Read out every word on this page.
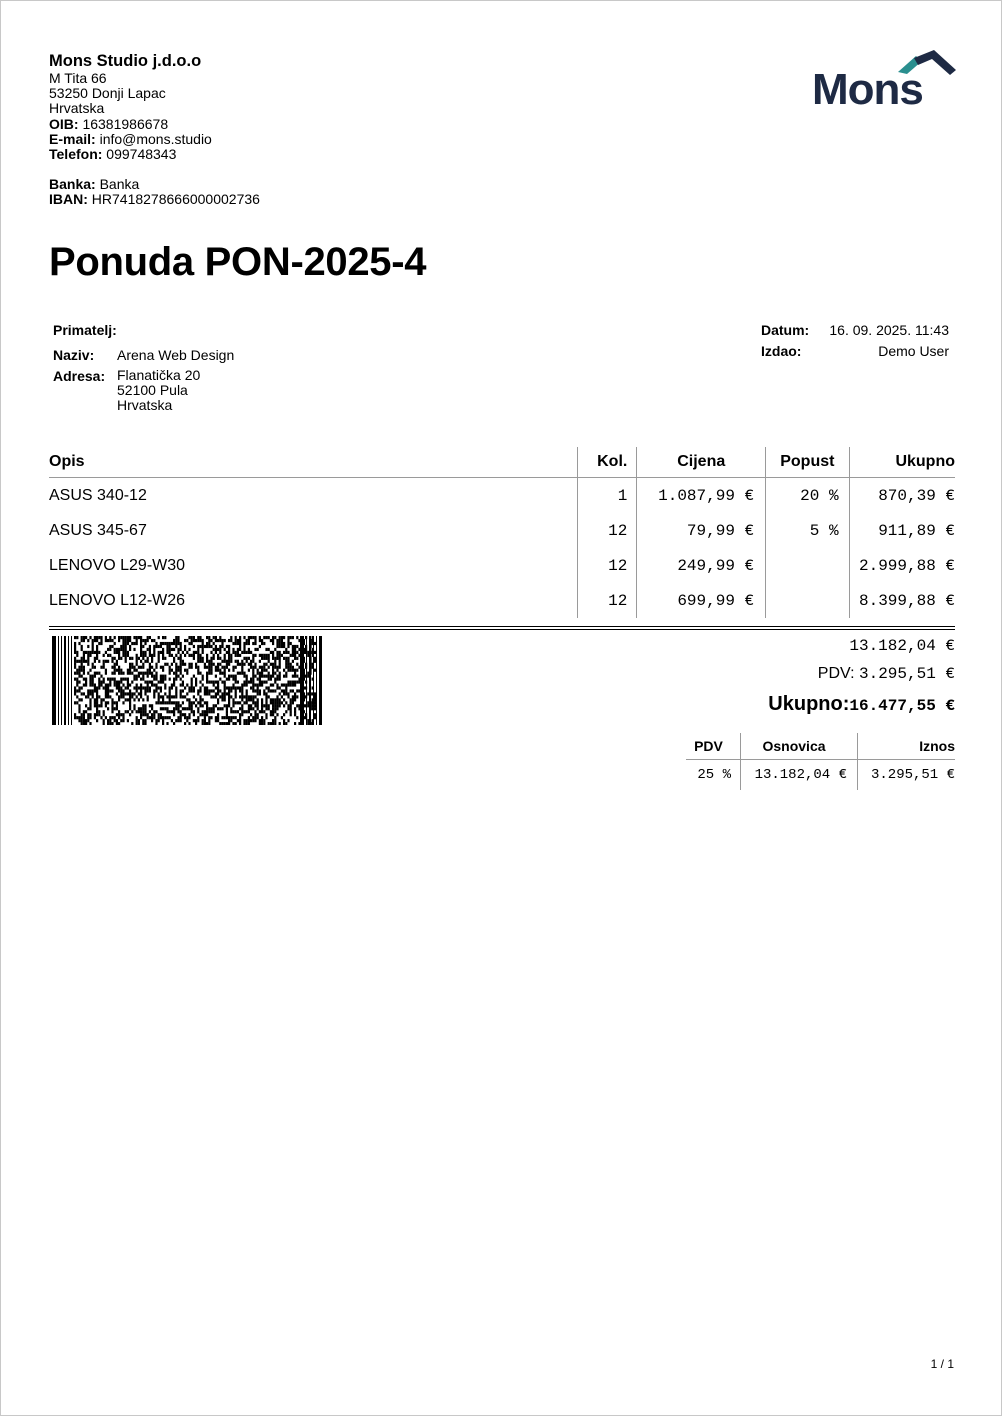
Mons Studio j.d.o.o
M Tita 66
53250 Donji Lapac
Hrvatska
OIB: 16381986678
E-mail: info@mons.studio
Telefon: 099748343
Banka: Banka
IBAN: HR7418278666000002736
Mons
Ponuda PON-2025-4
Primatelj:
Naziv:	Arena Web Design
Adresa: Flanatička 20
52100 Pula
Hrvatska
Datum: 16. 09. 2025. 11:43
Izdao:	Demo User
Opis	Kol.	Cijena	Popust	Ukupno
ASUS 340-12	1	1.087,99 €	20 %	870,39 €
ASUS 345-67	12	79,99 €	5 %	911,89 €
LENOVO L29-W30	12	249,99 €		2.999,88 €
LENOVO L12-W26	12	699,99 €		8.399,88 €
13.182,04 €
PDV: 3.295,51 €
Ukupno:16.477,55 €
PDV	Osnovica	Iznos
25 %	13.182,04 €	3.295,51 €
1 / 1
